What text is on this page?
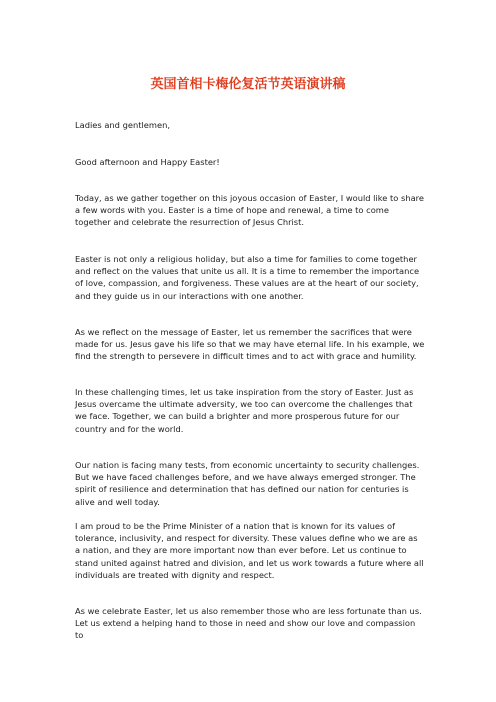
英国首相卡梅伦复活节英语演讲稿

Ladies and gentlemen,

Good afternoon and Happy Easter!

Today, as we gather together on this joyous occasion of Easter, I would like to share a few words with you. Easter is a time of hope and renewal, a time to come together and celebrate the resurrection of Jesus Christ.

Easter is not only a religious holiday, but also a time for families to come together and reflect on the values that unite us all. It is a time to remember the importance of love, compassion, and forgiveness. These values are at the heart of our society, and they guide us in our interactions with one another.

As we reflect on the message of Easter, let us remember the sacrifices that were made for us. Jesus gave his life so that we may have eternal life. In his example, we find the strength to persevere in difficult times and to act with grace and humility.

In these challenging times, let us take inspiration from the story of Easter. Just as Jesus overcame the ultimate adversity, we too can overcome the challenges that we face. Together, we can build a brighter and more prosperous future for our country and for the world.

Our nation is facing many tests, from economic uncertainty to security challenges. But we have faced challenges before, and we have always emerged stronger. The spirit of resilience and determination that has defined our nation for centuries is alive and well today.

I am proud to be the Prime Minister of a nation that is known for its values of tolerance, inclusivity, and respect for diversity. These values define who we are as a nation, and they are more important now than ever before. Let us continue to stand united against hatred and division, and let us work towards a future where all individuals are treated with dignity and respect.

As we celebrate Easter, let us also remember those who are less fortunate than us. Let us extend a helping hand to those in need and show our love and compassion to
